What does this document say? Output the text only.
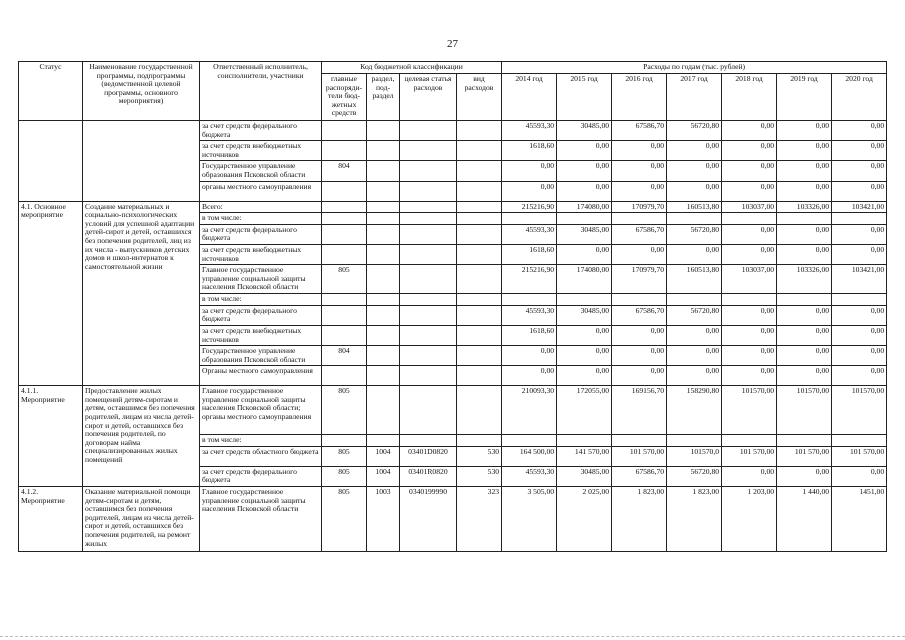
27
Статус	Наименование государственной программы, подпрограммы (ведомственной целевой программы, основного мероприятия)	Ответственный исполнитель, соисполнители, участники	Код бюджетной классификации				Расходы по годам (тыс. рублей)						
			главные распоряди-тели бюд-жетных средств	раздел, под-раздел	целевая статья расходов	вид расходов	2014 год	2015 год	2016 год	2017 год	2018 год	2019 год	2020 год
		за счет средств федерального бюджета					45593,30	30485,00	67586,70	56720,80	0,00	0,00	0,00
		за счет средств внебюджетных источников					1618,60	0,00	0,00	0,00	0,00	0,00	0,00
		Государственное управление образования Псковской области	804				0,00	0,00	0,00	0,00	0,00	0,00	0,00
		органы местного самоуправления					0,00	0,00	0,00	0,00	0,00	0,00	0,00
4.1. Основное мероприятие	Создание материальных и социально-психологических условий для успешной адаптации детей-сирот и детей, оставшихся без попечения родителей, лиц из их числа - выпускников детских домов и школ-интернатов к самостоятельной жизни	Всего:					215216,90	174080,00	170979,70	160513,80	103037,00	103326,00	103421,00
		в том числе:											
		за счет средств федерального бюджета					45593,30	30485,00	67586,70	56720,80	0,00	0,00	0,00
		за счет средств внебюджетных источников					1618,60	0,00	0,00	0,00	0,00	0,00	0,00
		Главное государственное управление социальной защиты населения Псковской области	805				215216,90	174080,00	170979,70	160513,80	103037,00	103326,00	103421,00
		в том числе:											
		за счет средств федерального бюджета					45593,30	30485,00	67586,70	56720,80	0,00	0,00	0,00
		за счет средств внебюджетных источников					1618,60	0,00	0,00	0,00	0,00	0,00	0,00
		Государственное управление образования Псковской области	804				0,00	0,00	0,00	0,00	0,00	0,00	0,00
		Органы местного самоуправления					0,00	0,00	0,00	0,00	0,00	0,00	0,00
4.1.1. Мероприятие	Предоставление жилых помещений детям-сиротам и детям, оставшимся без попечения родителей, лицам из числа детей-сирот и детей, оставшихся без попечения родителей, по договорам найма специализированных жилых помещений	Главное государственное управление социальной защиты населения Псковской области; органы местного самоуправления	805				210093,30	172055,00	169156,70	158290,80	101570,00	101570,00	101570,00
		в том числе:											
		за счет средств областного бюджета	805	1004	03401D0820	530	164 500,00	141 570,00	101 570,00	101570,0	101 570,00	101 570,00	101 570,00
		за счет средств федерального бюджета	805	1004	03401R0820	530	45593,30	30485,00	67586,70	56720,80	0,00	0,00	0,00
4.1.2. Мероприятие	Оказание материальной помощи детям-сиротам и детям, оставшимся без попечения родителей, лицам из числа детей-сирот и детей, оставшихся без попечения родителей, на ремонт жилых	Главное государственное управление социальной защиты населения Псковской области	805	1003	0340199990	323	3 505,00	2 025,00	1 823,00	1 823,00	1 203,00	1 440,00	1451,00
